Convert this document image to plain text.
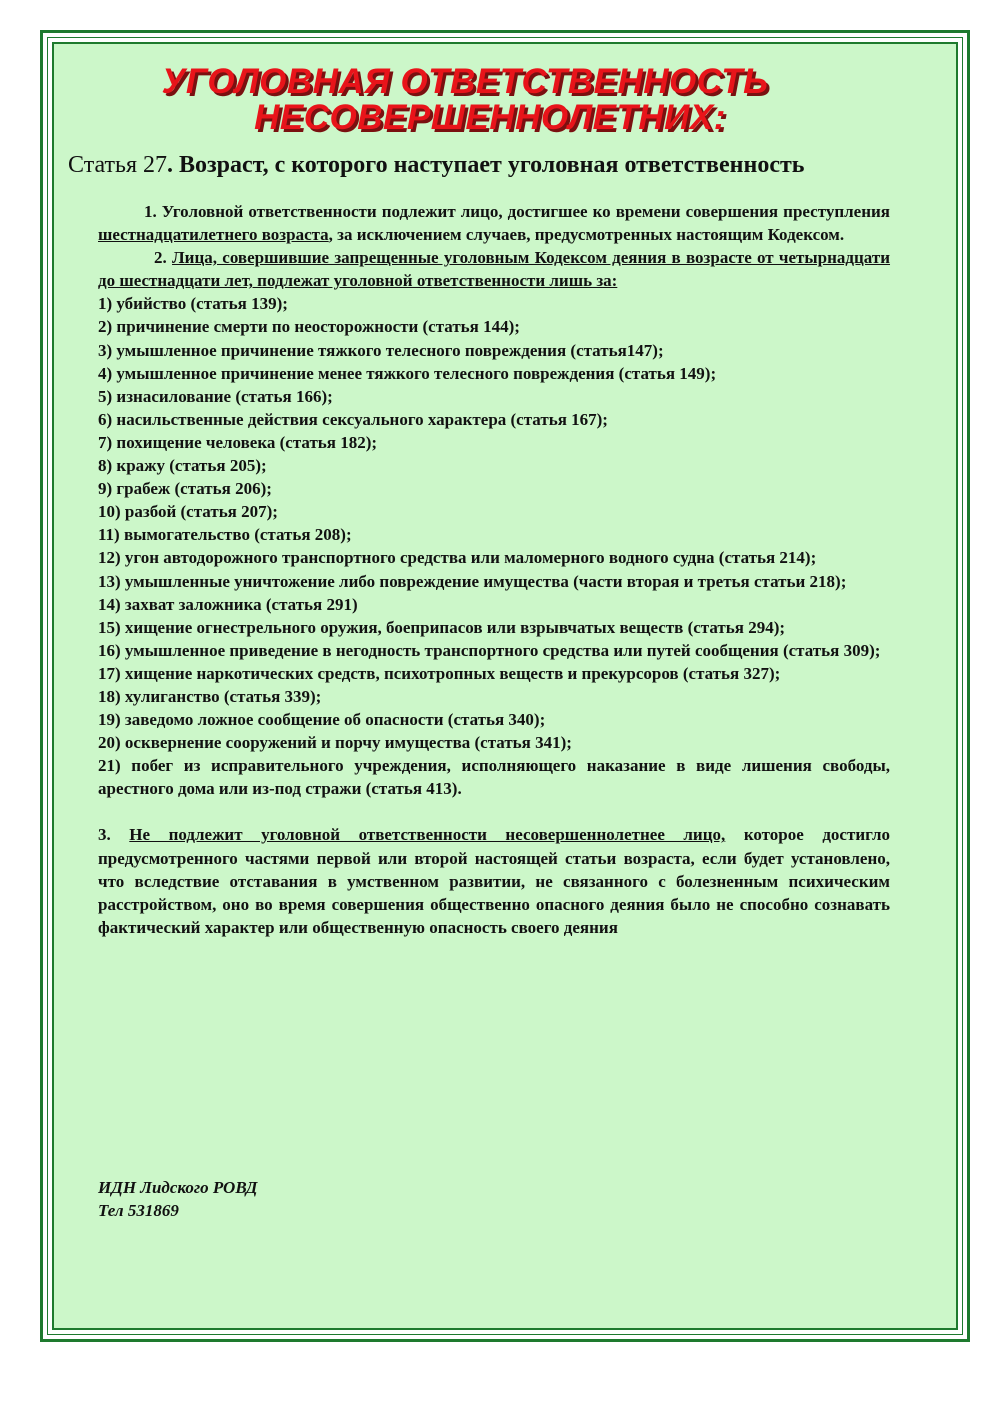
УГОЛОВНАЯ ОТВЕТСТВЕННОСТЬ
НЕСОВЕРШЕННОЛЕТНИХ:
Статья 27. Возраст, с которого наступает уголовная ответственность

1. Уголовной ответственности подлежит лицо, достигшее ко времени совершения преступления шестнадцатилетнего возраста, за исключением случаев, предусмотренных настоящим Кодексом.

2. Лица, совершившие запрещенные уголовным Кодексом деяния в возрасте от четырнадцати до шестнадцати лет, подлежат уголовной ответственности лишь за:

1) убийство (статья 139);

2) причинение смерти по неосторожности (статья 144);

3) умышленное причинение тяжкого телесного повреждения (статья147);

4) умышленное причинение менее тяжкого телесного повреждения (статья 149);

5) изнасилование (статья 166);

6) насильственные действия сексуального характера (статья 167);

7) похищение человека (статья 182);

8) кражу (статья 205);

9) грабеж (статья 206);

10) разбой (статья 207);

11) вымогательство (статья 208);

12) угон автодорожного транспортного средства или маломерного водного судна (статья 214);

13) умышленные уничтожение либо повреждение имущества (части вторая и третья статьи 218);

14) захват заложника (статья 291)

15) хищение огнестрельного оружия, боеприпасов или взрывчатых веществ (статья 294);

16) умышленное приведение в негодность транспортного средства или путей сообщения (статья 309);

17) хищение наркотических средств, психотропных веществ и прекурсоров (статья 327);

18) хулиганство (статья 339);

19) заведомо ложное сообщение об опасности (статья 340);

20) осквернение сооружений и порчу имущества (статья 341);

21) побег из исправительного учреждения, исполняющего наказание в виде лишения свободы, арестного дома или из-под стражи (статья 413).

3. Не подлежит уголовной ответственности несовершеннолетнее лицо, которое достигло предусмотренного частями первой или второй настоящей статьи возраста, если будет установлено, что вследствие отставания в умственном развитии, не связанного с болезненным психическим расстройством, оно во время совершения общественно опасного деяния было не способно сознавать фактический характер или общественную опасность своего деяния

ИДН Лидского РОВД
Тел 531869
